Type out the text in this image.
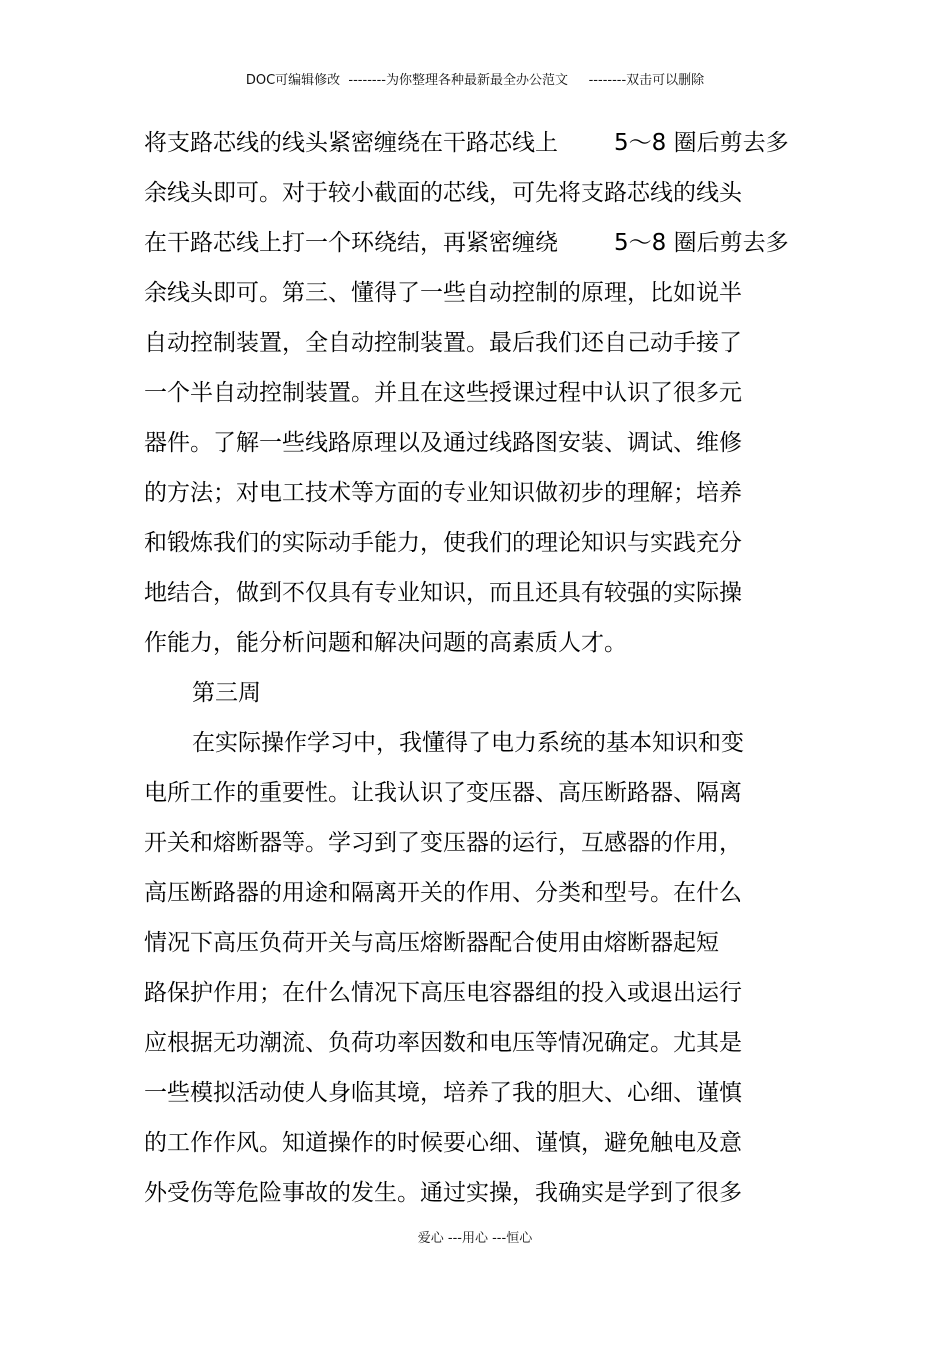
DOC可编辑修改  --------为你整理各种最新最全办公范文     --------双击可以删除
将支路芯线的线头紧密缠绕在干路芯线上 5～8 圈后剪去多
余线头即可。对于较小截面的芯线，可先将支路芯线的线头
在干路芯线上打一个环绕结，再紧密缠绕 5～8 圈后剪去多
余线头即可。第三、懂得了一些自动控制的原理，比如说半
自动控制装置，全自动控制装置。最后我们还自己动手接了
一个半自动控制装置。并且在这些授课过程中认识了很多元
器件。了解一些线路原理以及通过线路图安装、调试、维修
的方法；对电工技术等方面的专业知识做初步的理解；培养
和锻炼我们的实际动手能力，使我们的理论知识与实践充分
地结合，做到不仅具有专业知识，而且还具有较强的实际操
作能力，能分析问题和解决问题的高素质人才。
第三周
在实际操作学习中，我懂得了电力系统的基本知识和变
电所工作的重要性。让我认识了变压器、高压断路器、隔离
开关和熔断器等。学习到了变压器的运行，互感器的作用，
高压断路器的用途和隔离开关的作用、分类和型号。在什么
情况下高压负荷开关与高压熔断器配合使用由熔断器起短
路保护作用；在什么情况下高压电容器组的投入或退出运行
应根据无功潮流、负荷功率因数和电压等情况确定。尤其是
一些模拟活动使人身临其境，培养了我的胆大、心细、谨慎
的工作作风。知道操作的时候要心细、谨慎，避免触电及意
外受伤等危险事故的发生。通过实操，我确实是学到了很多
爱心 ---用心 ---恒心
